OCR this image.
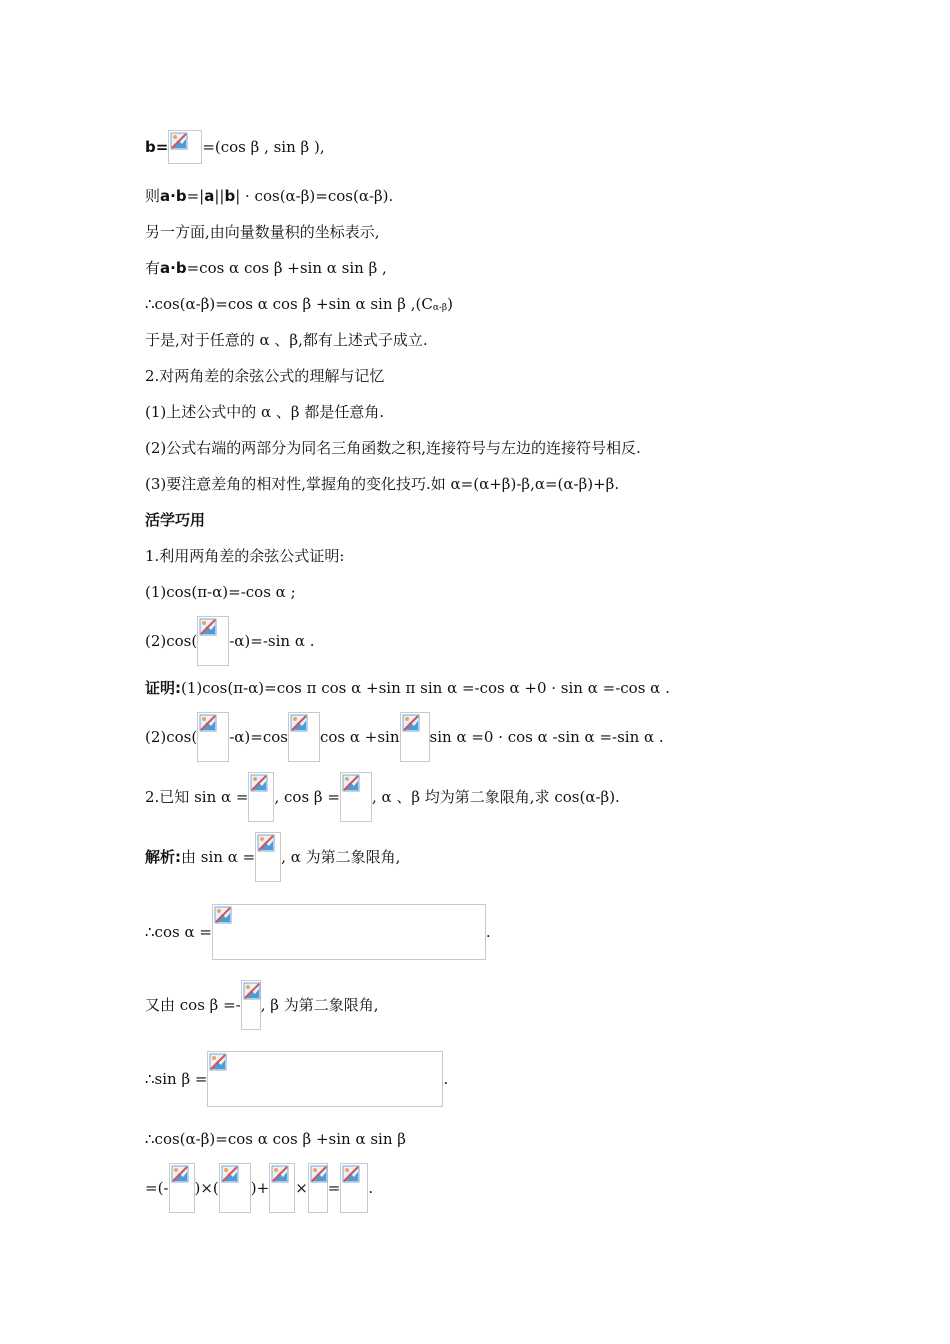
b= =(cos β , sin β ),
则 a · b =| a || b | · cos(α-β)=cos(α-β).
另一方面,由向量数量积的坐标表示,
有 a · b =cos α cos β +sin α sin β ,
∴cos(α-β)=cos α cos β +sin α sin β ,(C α-β )
于是,对于任意的 α 、β,都有上述式子成立.
2.对两角差的余弦公式的理解与记忆
(1)上述公式中的 α 、β 都是任意角.
(2)公式右端的两部分为同名三角函数之积,连接符号与左边的连接符号相反.
(3)要注意差角的相对性,掌握角的变化技巧.如 α=(α+β)-β,α=(α-β)+β.
活学巧用
1.利用两角差的余弦公式证明:
(1)cos(π-α)=-cos α ;
(2)cos( -α)=-sin α .
证明: (1)cos(π-α)=cos π cos α +sin π sin α =-cos α +0 · sin α =-cos α .
(2)cos( -α)=cos cos α +sin sin α =0 · cos α -sin α =-sin α .
2.已知 sin α = , cos β = , α 、β 均为第二象限角,求 cos(α-β).
解析: 由 sin α = , α 为第二象限角,
∴cos α =	.
又由 cos β =- , β 为第二象限角,
∴sin β =	.
∴cos(α-β)=cos α cos β +sin α sin β
=(- )×( )+ × = .
